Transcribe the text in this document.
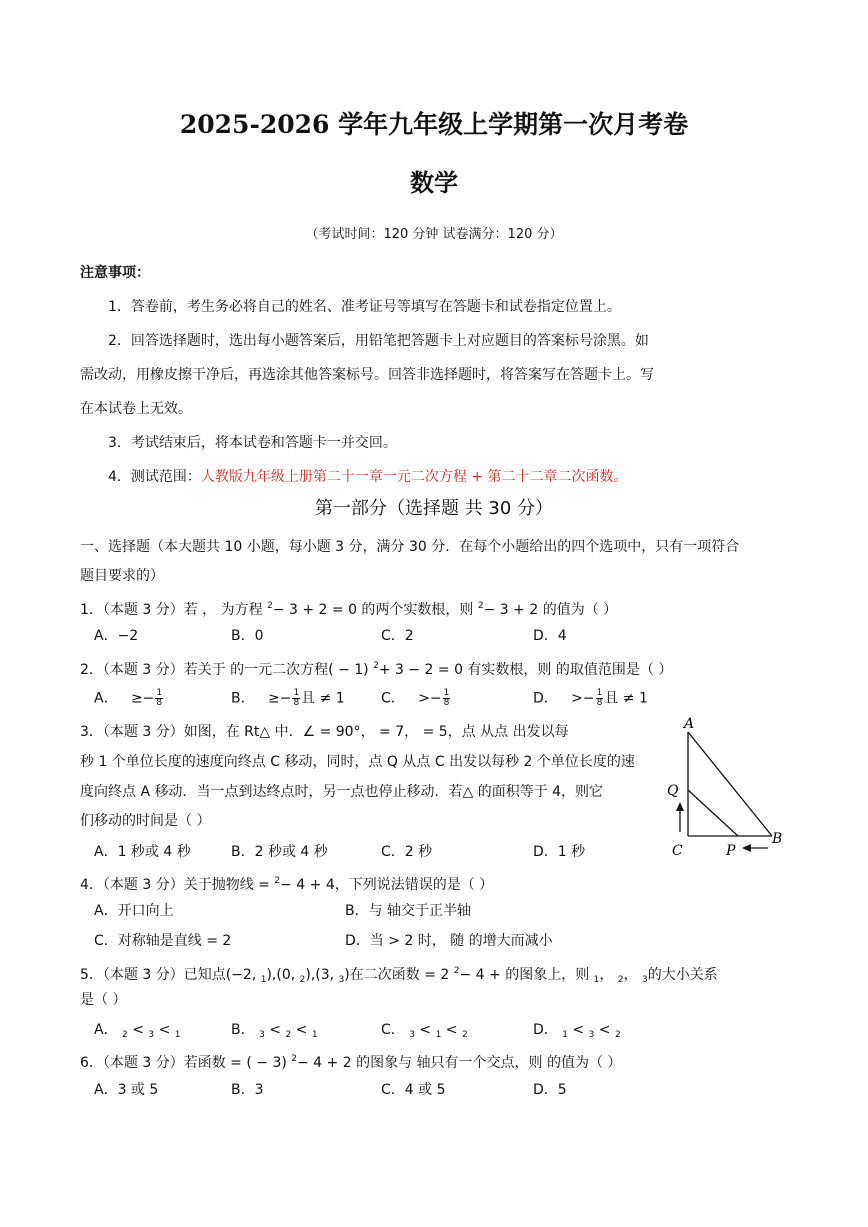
2025-2026 学年九年级上学期第一次月考卷
数学
（考试时间：120 分钟 试卷满分：120 分）
注意事项：
1．答卷前，考生务必将自己的姓名、准考证号等填写在答题卡和试卷指定位置上。
2．回答选择题时，选出每小题答案后，用铅笔把答题卡上对应题目的答案标号涂黑。如
需改动，用橡皮擦干净后，再选涂其他答案标号。回答非选择题时，将答案写在答题卡上。写
在本试卷上无效。
3．考试结束后，将本试卷和答题卡一并交回。
4．测试范围：人教版九年级上册第二十一章一元二次方程 + 第二十二章二次函数。
第一部分（选择题 共 30 分）
一、选择题（本大题共 10 小题，每小题 3 分，满分 30 分．在每个小题给出的四个选项中，只有一项符合
题目要求的）
1．（本题 3 分）若 ， 为方程 $^2$− 3 + 2 = 0 的两个实数根，则 $^2$− 3 + 2 的值为（ ）
A．−2	B．0	C．2	D．4
2．（本题 3 分）若关于 的一元二次方程( − 1) $^2$+ 3 − 2 = 0 有实数根，则 的取值范围是（ ）
A． ≥− $\frac{1}{8}$	B． ≥− $\frac{1}{8}$ 且 ≠ 1	C． >− $\frac{1}{8}$	D． >− $\frac{1}{8}$ 且 ≠ 1
3．（本题 3 分）如图，在 Rt△ 中．∠ = 90°， = 7， = 5，点 从点 出发以每
秒 1 个单位长度的速度向终点 C 移动，同时，点 Q 从点 C 出发以每秒 2 个单位长度的速
度向终点 A 移动．当一点到达终点时，另一点也停止移动．若△ 的面积等于 4，则它
们移动的时间是（ ）
A．1 秒或 4 秒	B．2 秒或 4 秒	C．2 秒	D．1 秒
A
Q
C	P
B
4．（本题 3 分）关于抛物线 = $^2$− 4 + 4，下列说法错误的是（ ）
A．开口向上	B．与 轴交于正半轴
C．对称轴是直线 = 2	D．当 > 2 时， 随 的增大而减小
5．（本题 3 分）已知点(−2, $_1$),(0, $_2$),(3, $_3$)在二次函数 = 2 $^2$− 4 + 的图象上，则 $_1$， $_2$， $_3$的大小关系
是（ ）
A． $_2$ < $_3$ < $_1$	B． $_3$ < $_2$ < $_1$	C． $_3$ < $_1$ < $_2$	D． $_1$ < $_3$ < $_2$
6．（本题 3 分）若函数 = ( − 3) $^2$− 4 + 2 的图象与 轴只有一个交点，则 的值为（ ）
A．3 或 5	B．3	C．4 或 5	D．5
